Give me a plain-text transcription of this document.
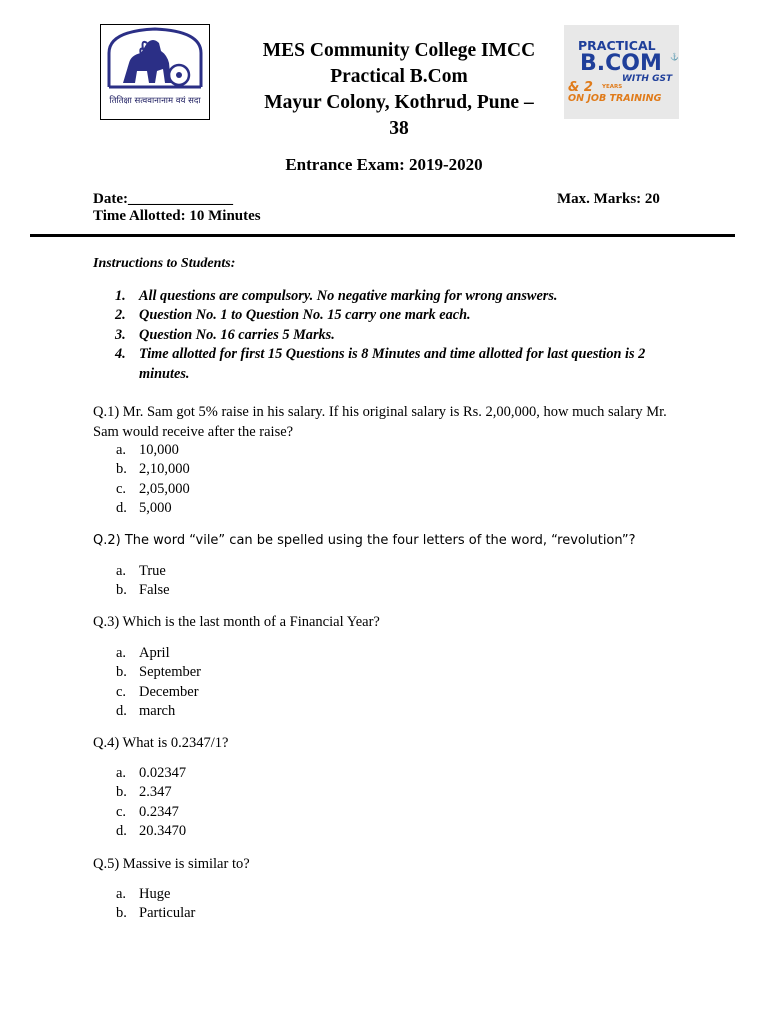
तितिक्षा सत्ववानानाम वयं सदा
PRACTICAL
B.COM
WITH GST
& 2 YEARS
ON JOB TRAINING
⚓
MES Community College IMCC
Practical B.Com
Mayur Colony, Kothrud, Pune –
38
Entrance Exam: 2019-2020
Date:______________
Time Allotted: 10 Minutes
Max. Marks: 20
Instructions to Students:
1. All questions are compulsory. No negative marking for wrong answers.
2. Question No. 1 to Question No. 15 carry one mark each.
3. Question No. 16 carries 5 Marks.
4. Time allotted for first 15 Questions is 8 Minutes and time allotted for last question is 2 minutes.
Q.1) Mr. Sam got 5% raise in his salary. If his original salary is Rs. 2,00,000, how much salary Mr. Sam would receive after the raise?
a. 10,000
b. 2,10,000
c. 2,05,000
d. 5,000
Q.2) The word “vile” can be spelled using the four letters of the word, “revolution”?
a. True
b. False
Q.3) Which is the last month of a Financial Year?
a. April
b. September
c. December
d. march
Q.4) What is 0.2347/1?
a. 0.02347
b. 2.347
c. 0.2347
d. 20.3470
Q.5) Massive is similar to?
a. Huge
b. Particular
